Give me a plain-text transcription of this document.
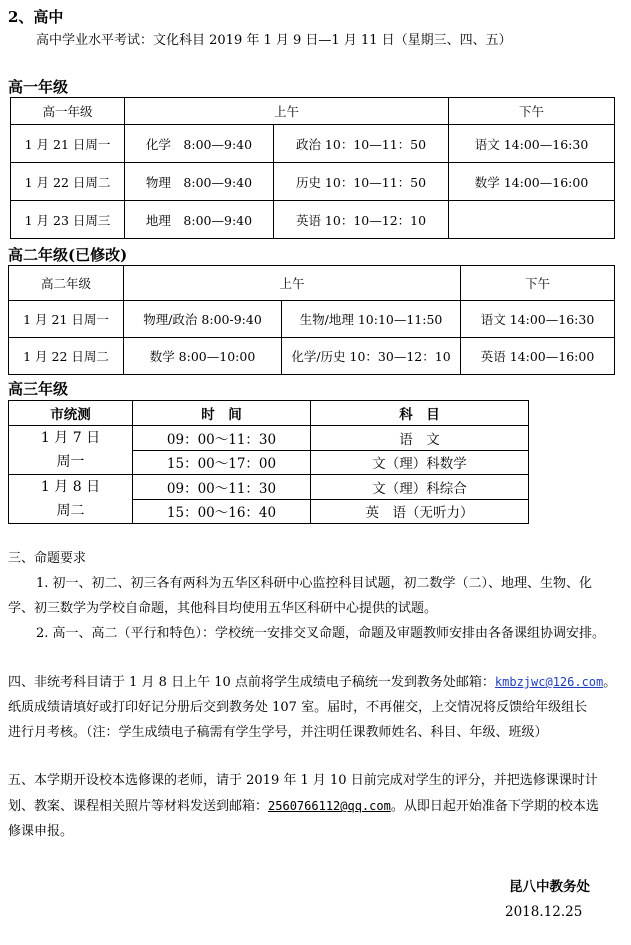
2、高中
高中学业水平考试：文化科目 2019 年 1 月 9 日—1 月 11 日（星期三、四、五）
高一年级
高一年级	上午		下午
1 月 21 日周一	化学　8:00—9:40	政治 10：10—11：50	语文 14:00—16:30
1 月 22 日周二	物理　8:00—9:40	历史 10：10—11：50	数学 14:00—16:00
1 月 23 日周三	地理　8:00—9:40	英语 10：10—12：10	
高二年级(已修改)
高二年级	上午		下午
1 月 21 日周一	物理/政治 8:00-9:40	生物/地理 10:10—11:50	语文 14:00—16:30
1 月 22 日周二	数学 8:00—10:00	化学/历史 10：30—12：10	英语 14:00—16:00
高三年级
市统测	时　间	科　目

1 月 7 日
周一	09：00～11：30	语　文
	15：00～17：00	文（理）科数学

1 月 8 日
周二	09：00～11：30	文（理）科综合
	15：00～16：40	英　语（无听力）
三、命题要求
1. 初一、初二、初三各有两科为五华区科研中心监控科目试题，初二数学（二）、地理、生物、化
学、初三数学为学校自命题，其他科目均使用五华区科研中心提供的试题。
2. 高一、高二（平行和特色）：学校统一安排交叉命题，命题及审题教师安排由各备课组协调安排。
四、非统考科目请于 1 月 8 日上午 10 点前将学生成绩电子稿统一发到教务处邮箱：kmbzjwc@126.com。
纸质成绩请填好或打印好记分册后交到教务处 107 室。届时，不再催交，上交情况将反馈给年级组长
进行月考核。（注：学生成绩电子稿需有学生学号，并注明任课教师姓名、科目、年级、班级）
五、本学期开设校本选修课的老师，请于 2019 年 1 月 10 日前完成对学生的评分，并把选修课课时计
划、教案、课程相关照片等材料发送到邮箱：2560766112@qq.com。从即日起开始准备下学期的校本选
修课申报。
昆八中教务处
2018.12.25
